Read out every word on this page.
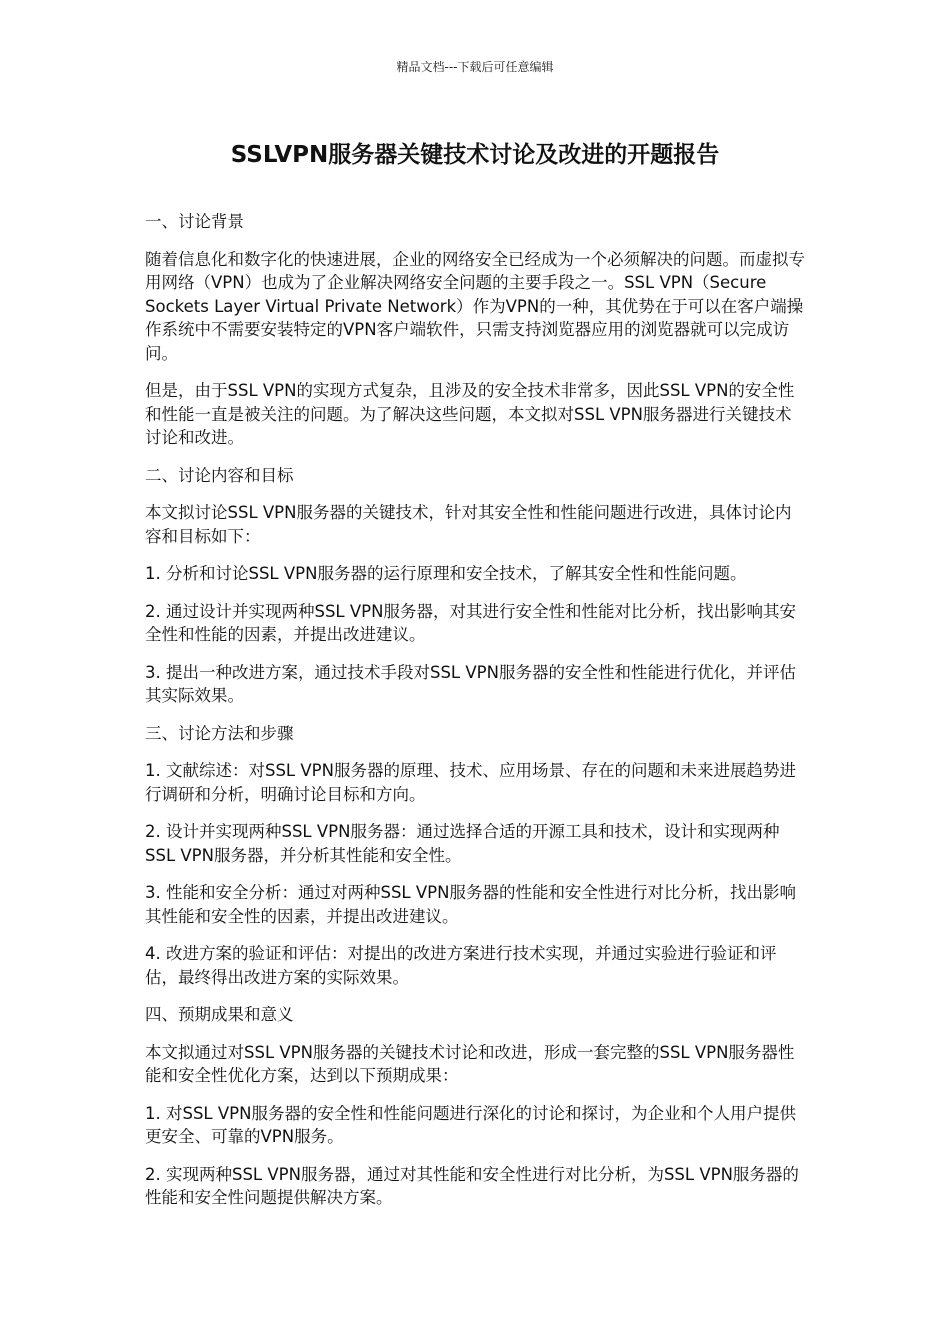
精品文档---下载后可任意编辑
SSLVPN服务器关键技术讨论及改进的开题报告

一、讨论背景

随着信息化和数字化的快速进展，企业的网络安全已经成为一个必须解决的问题。而虚拟专用网络（VPN）也成为了企业解决网络安全问题的主要手段之一。SSL VPN（Secure Sockets Layer Virtual Private Network）作为VPN的一种，其优势在于可以在客户端操作系统中不需要安装特定的VPN客户端软件，只需支持浏览器应用的浏览器就可以完成访问。

但是，由于SSL VPN的实现方式复杂，且涉及的安全技术非常多，因此SSL VPN的安全性和性能一直是被关注的问题。为了解决这些问题，本文拟对SSL VPN服务器进行关键技术讨论和改进。

二、讨论内容和目标

本文拟讨论SSL VPN服务器的关键技术，针对其安全性和性能问题进行改进，具体讨论内容和目标如下：

1. 分析和讨论SSL VPN服务器的运行原理和安全技术，了解其安全性和性能问题。

2. 通过设计并实现两种SSL VPN服务器，对其进行安全性和性能对比分析，找出影响其安全性和性能的因素，并提出改进建议。

3. 提出一种改进方案，通过技术手段对SSL VPN服务器的安全性和性能进行优化，并评估其实际效果。

三、讨论方法和步骤

1. 文献综述：对SSL VPN服务器的原理、技术、应用场景、存在的问题和未来进展趋势进行调研和分析，明确讨论目标和方向。

2. 设计并实现两种SSL VPN服务器：通过选择合适的开源工具和技术，设计和实现两种SSL VPN服务器，并分析其性能和安全性。

3. 性能和安全分析：通过对两种SSL VPN服务器的性能和安全性进行对比分析，找出影响其性能和安全性的因素，并提出改进建议。

4. 改进方案的验证和评估：对提出的改进方案进行技术实现，并通过实验进行验证和评估，最终得出改进方案的实际效果。

四、预期成果和意义

本文拟通过对SSL VPN服务器的关键技术讨论和改进，形成一套完整的SSL VPN服务器性能和安全性优化方案，达到以下预期成果：

1. 对SSL VPN服务器的安全性和性能问题进行深化的讨论和探讨，为企业和个人用户提供更安全、可靠的VPN服务。

2. 实现两种SSL VPN服务器，通过对其性能和安全性进行对比分析，为SSL VPN服务器的性能和安全性问题提供解决方案。
